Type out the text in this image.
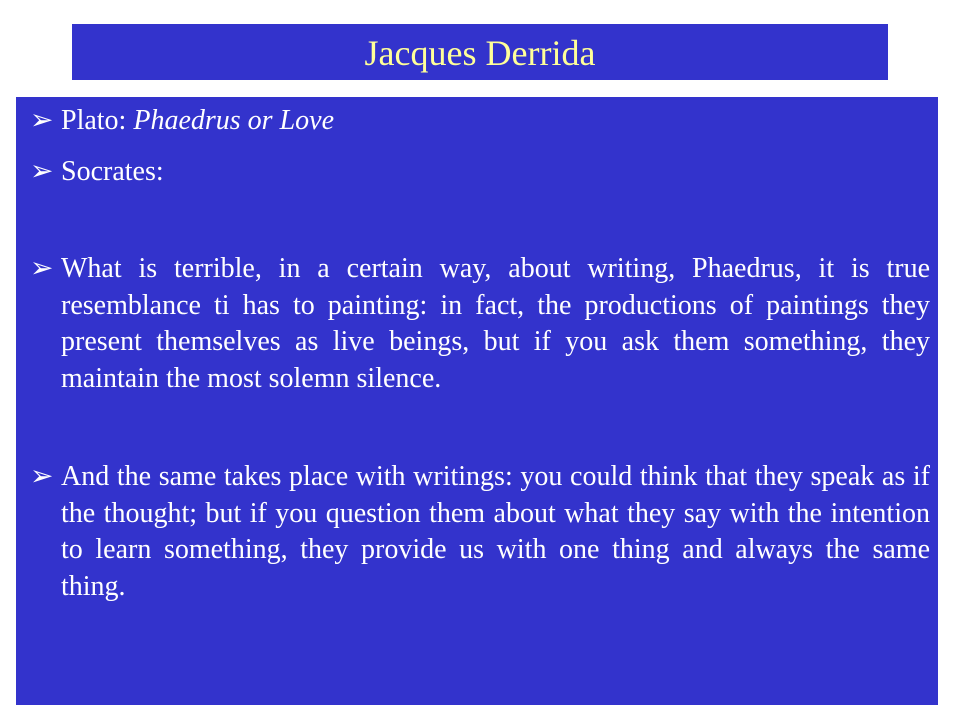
Jacques Derrida
➢ Plato: Phaedrus or Love
➢ Socrates:
➢ What is terrible, in a certain way, about writing, Phaedrus, it is true resemblance ti has to painting: in fact, the productions of paintings they present themselves as live beings, but if you ask them something, they maintain the most solemn silence.
➢ And the same takes place with writings: you could think that they speak as if the thought; but if you question them about what they say with the intention to learn something, they provide us with one thing and always the same thing.
